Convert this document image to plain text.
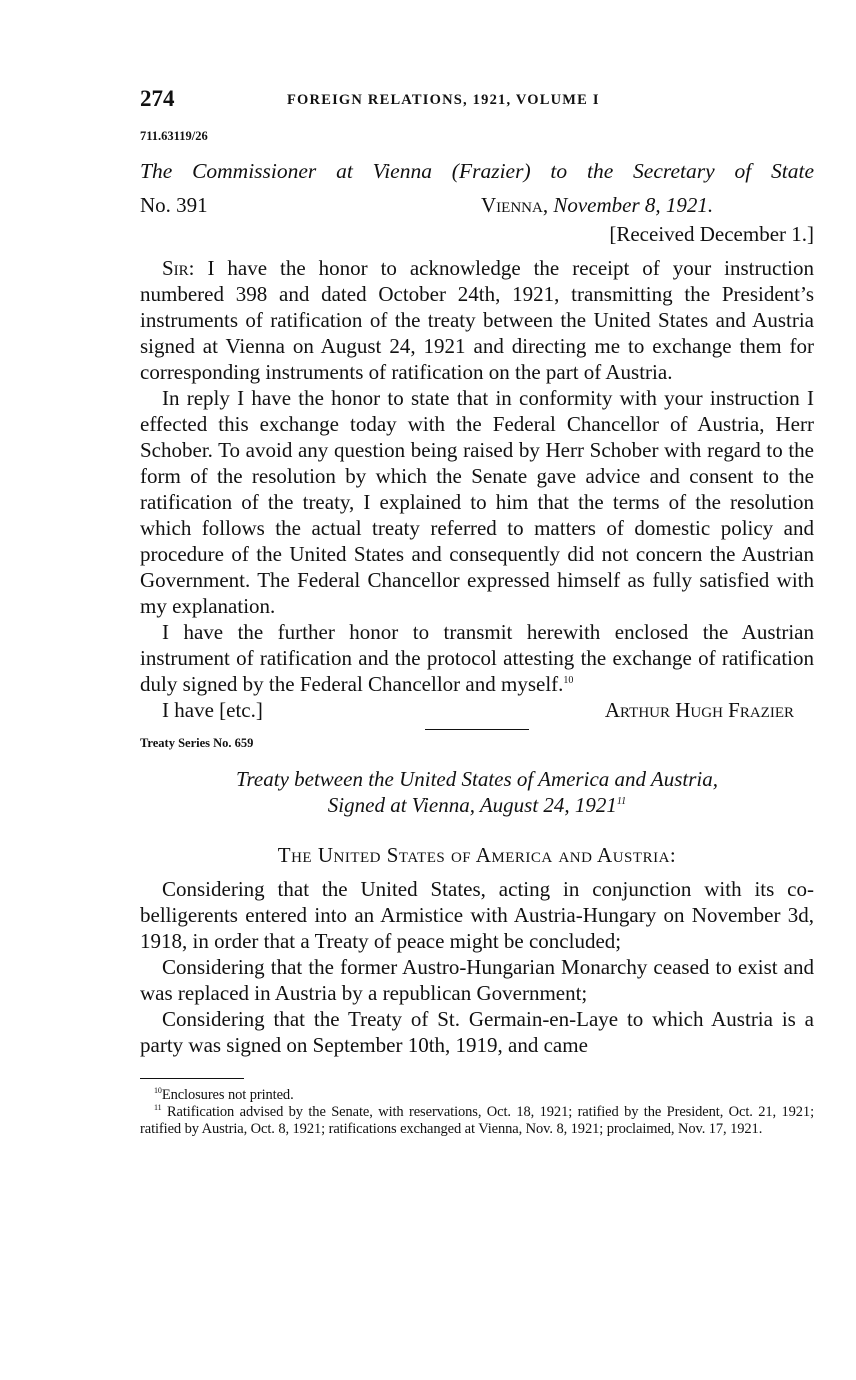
274	FOREIGN RELATIONS, 1921, VOLUME I
711.63119/26
The Commissioner at Vienna (Frazier) to the Secretary of State
No. 391	Vienna, November 8, 1921.
[Received December 1.]

Sir: I have the honor to acknowledge the receipt of your instruction numbered 398 and dated October 24th, 1921, transmitting the President’s instruments of ratification of the treaty between the United States and Austria signed at Vienna on August 24, 1921 and directing me to exchange them for corresponding instruments of ratification on the part of Austria.

In reply I have the honor to state that in conformity with your instruction I effected this exchange today with the Federal Chancellor of Austria, Herr Schober. To avoid any question being raised by Herr Schober with regard to the form of the resolution by which the Senate gave advice and consent to the ratification of the treaty, I explained to him that the terms of the resolution which follows the actual treaty referred to matters of domestic policy and procedure of the United States and consequently did not concern the Austrian Government. The Federal Chancellor expressed himself as fully satisfied with my explanation.

I have the further honor to transmit herewith enclosed the Austrian instrument of ratification and the protocol attesting the exchange of ratification duly signed by the Federal Chancellor and myself.$^{10}$

I have [etc.]	Arthur Hugh Frazier
Treaty Series No. 659
Treaty between the United States of America and Austria,
Signed at Vienna, August 24, 1921$^{11}$
The United States of America and Austria:

Considering that the United States, acting in conjunction with its co-belligerents entered into an Armistice with Austria-Hungary on November 3d, 1918, in order that a Treaty of peace might be concluded;

Considering that the former Austro-Hungarian Monarchy ceased to exist and was replaced in Austria by a republican Government;

Considering that the Treaty of St. Germain-en-Laye to which Austria is a party was signed on September 10th, 1919, and came

$^{10}$Enclosures not printed.

$^{11}$ Ratification advised by the Senate, with reservations, Oct. 18, 1921; ratified by the President, Oct. 21, 1921; ratified by Austria, Oct. 8, 1921; ratifications exchanged at Vienna, Nov. 8, 1921; proclaimed, Nov. 17, 1921.
